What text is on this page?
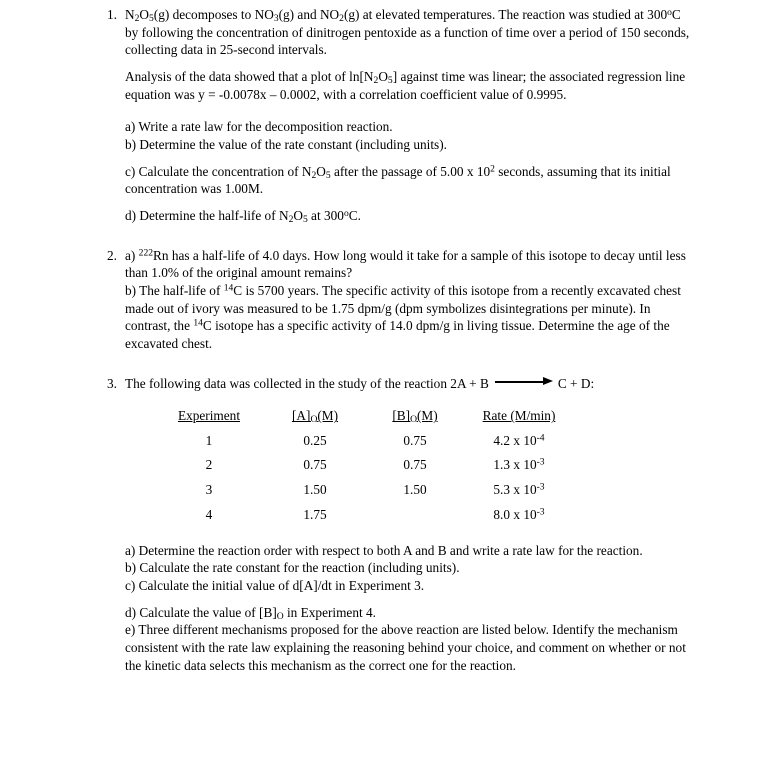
1. $N_2O_5(g)$ decomposes to $NO_3(g)$ and $NO_2(g)$ at elevated temperatures. The reaction was studied at 300$^o$C by following the concentration of dinitrogen pentoxide as a function of time over a period of 150 seconds, collecting data in 25-second intervals.

Analysis of the data showed that a plot of $\ln[N_2O_5]$ against time was linear; the associated regression line equation was y = -0.0078x – 0.0002, with a correlation coefficient value of 0.9995.

a) Write a rate law for the decomposition reaction.

b) Determine the value of the rate constant (including units).

c) Calculate the concentration of $N_2O_5$ after the passage of 5.00 x $10^2$ seconds, assuming that its initial concentration was 1.00M.

d) Determine the half-life of $N_2O_5$ at 300$^o$C.

2. a) $^{222}$Rn has a half-life of 4.0 days. How long would it take for a sample of this isotope to decay until less than 1.0% of the original amount remains?

b) The half-life of $^{14}$C is 5700 years. The specific activity of this isotope from a recently excavated chest made out of ivory was measured to be 1.75 dpm/g (dpm symbolizes disintegrations per minute). In contrast, the $^{14}$C isotope has a specific activity of 14.0 dpm/g in living tissue. Determine the age of the excavated chest.

3. The following data was collected in the study of the reaction 2A + B	C + D:

Experiment	$[A]_O(M)$	$[B]_O(M)$	Rate (M/min)
1	0.25	0.75	4.2 x $10^{-4}$
2	0.75	0.75	1.3 x $10^{-3}$
3	1.50	1.50	5.3 x $10^{-3}$
4	1.75		8.0 x $10^{-3}$

a) Determine the reaction order with respect to both A and B and write a rate law for the reaction.

b) Calculate the rate constant for the reaction (including units).

c) Calculate the initial value of d[A]/dt in Experiment 3.

d) Calculate the value of $[B]_O$ in Experiment 4.

e) Three different mechanisms proposed for the above reaction are listed below. Identify the mechanism consistent with the rate law explaining the reasoning behind your choice, and comment on whether or not the kinetic data selects this mechanism as the correct one for the reaction.
